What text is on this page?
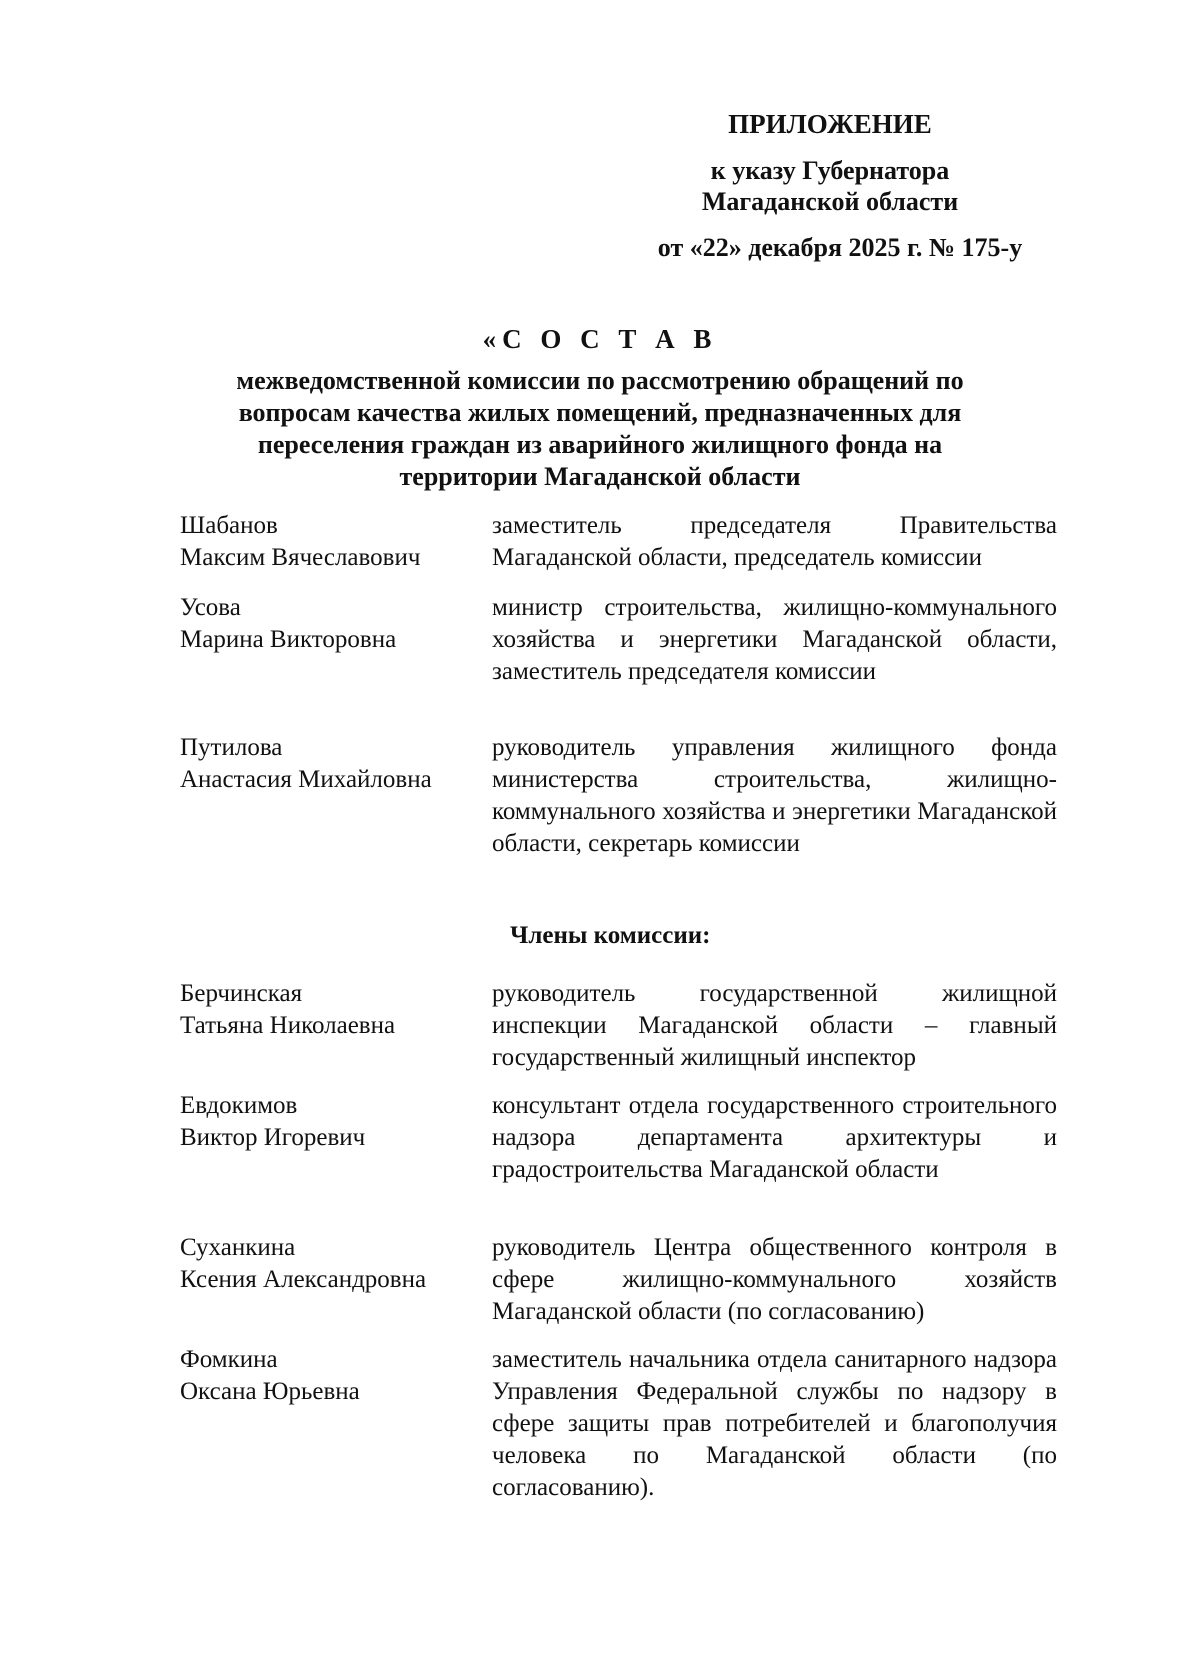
ПРИЛОЖЕНИЕ
к указу Губернатора
Магаданской области
от «22» декабря 2025 г. № 175-у
«С О С Т А В
межведомственной комиссии по рассмотрению обращений по вопросам качества жилых помещений, предназначенных для переселения граждан из аварийного жилищного фонда на территории Магаданской области
Шабанов
Максим Вячеславович
заместитель председателя Правительства Магаданской области, председатель комиссии
Усова
Марина Викторовна
министр строительства, жилищно-коммунального хозяйства и энергетики Магаданской области, заместитель председателя комиссии
Путилова
Анастасия Михайловна
руководитель управления жилищного фонда министерства строительства, жилищно-коммунального хозяйства и энергетики Магаданской области, секретарь комиссии
Члены комиссии:
Берчинская
Татьяна Николаевна
руководитель государственной жилищной инспекции Магаданской области – главный государственный жилищный инспектор
Евдокимов
Виктор Игоревич
консультант отдела государственного строительного надзора департамента архитектуры и градостроительства Магаданской области
Суханкина
Ксения Александровна
руководитель Центра общественного контроля в сфере жилищно-коммунального хозяйств Магаданской области (по согласованию)
Фомкина
Оксана Юрьевна
заместитель начальника отдела санитарного надзора Управления Федеральной службы по надзору в сфере защиты прав потребителей и благополучия человека по Магаданской области (по согласованию).
